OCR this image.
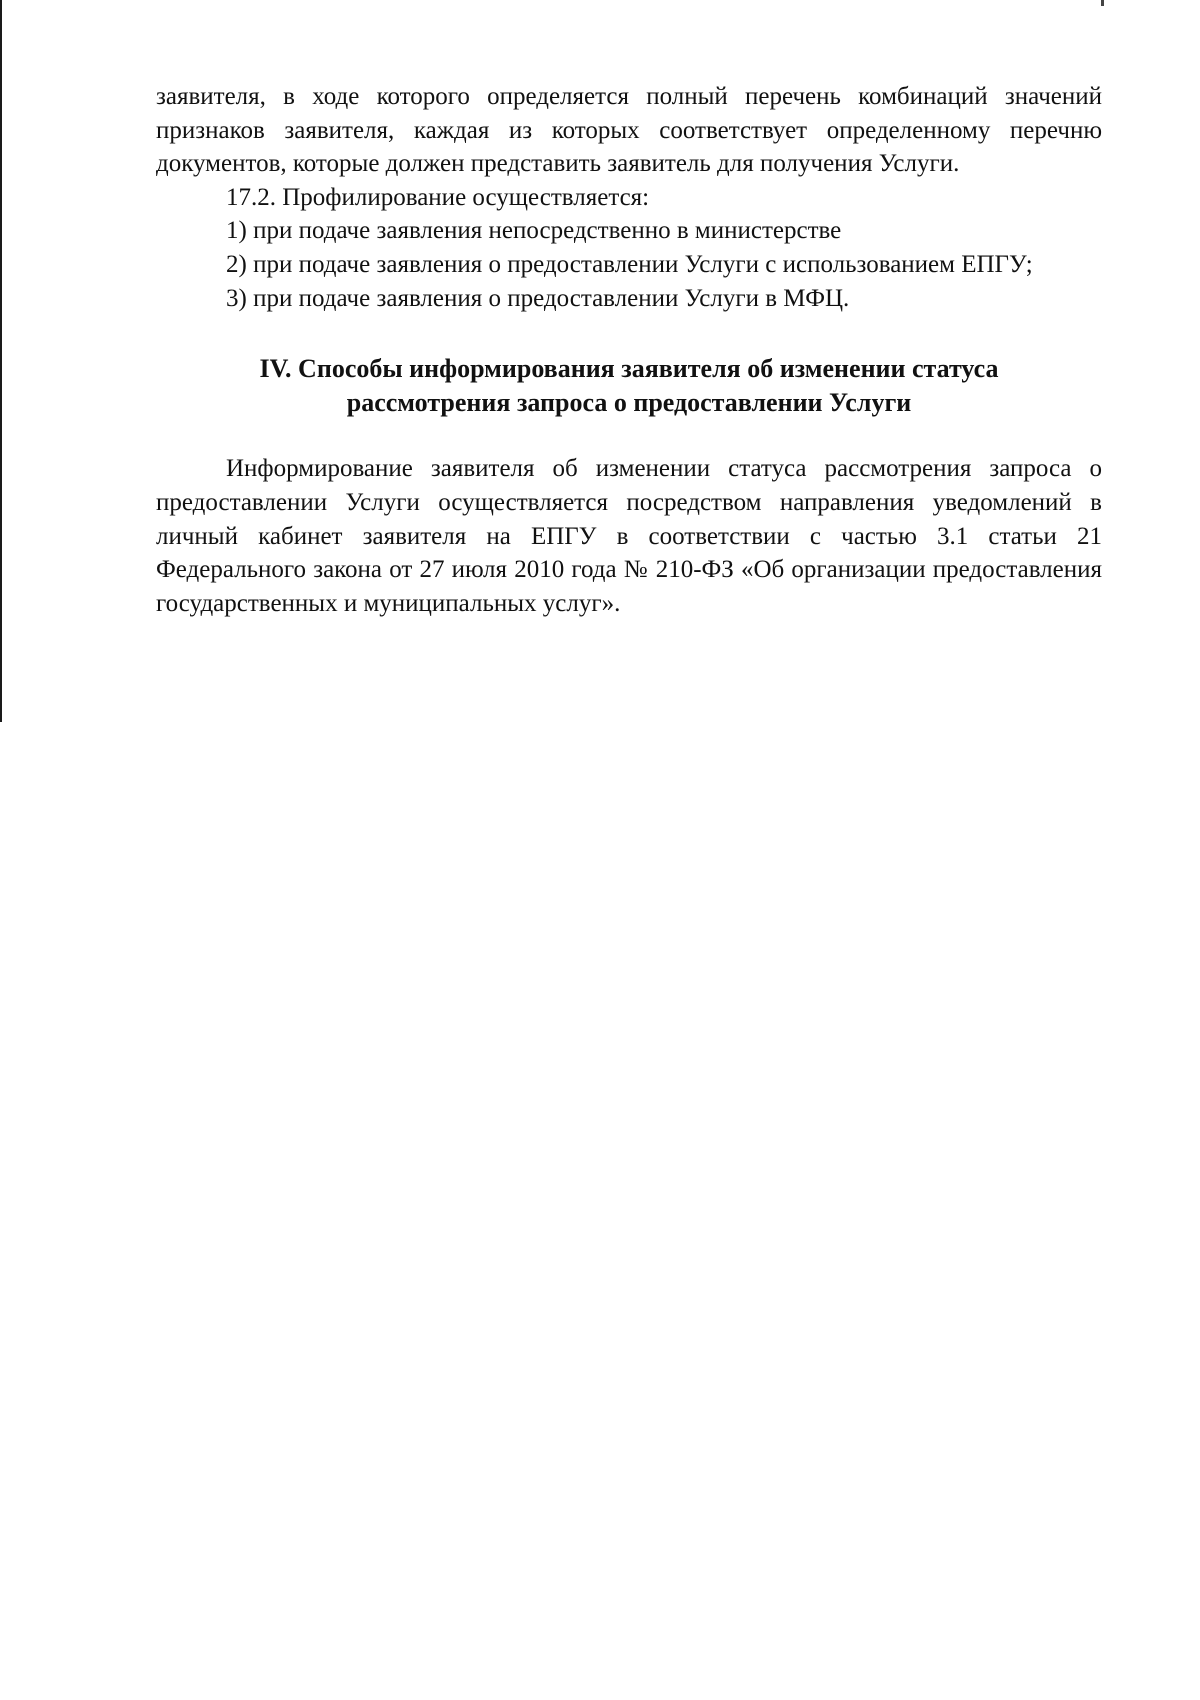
заявителя, в ходе которого определяется полный перечень комбинаций значений признаков заявителя, каждая из которых соответствует определенному перечню документов, которые должен представить заявитель для получения Услуги.

17.2. Профилирование осуществляется:

1) при подаче заявления непосредственно в министерстве

2) при подаче заявления о предоставлении Услуги с использованием ЕПГУ;

3) при подаче заявления о предоставлении Услуги в МФЦ.

IV. Способы информирования заявителя об изменении статуса
рассмотрения запроса о предоставлении Услуги

Информирование заявителя об изменении статуса рассмотрения запроса о предоставлении Услуги осуществляется посредством направления уведомлений в личный кабинет заявителя на ЕПГУ в соответствии с частью 3.1 статьи 21 Федерального закона от 27 июля 2010 года № 210-ФЗ «Об организации предоставления государственных и муниципальных услуг».
